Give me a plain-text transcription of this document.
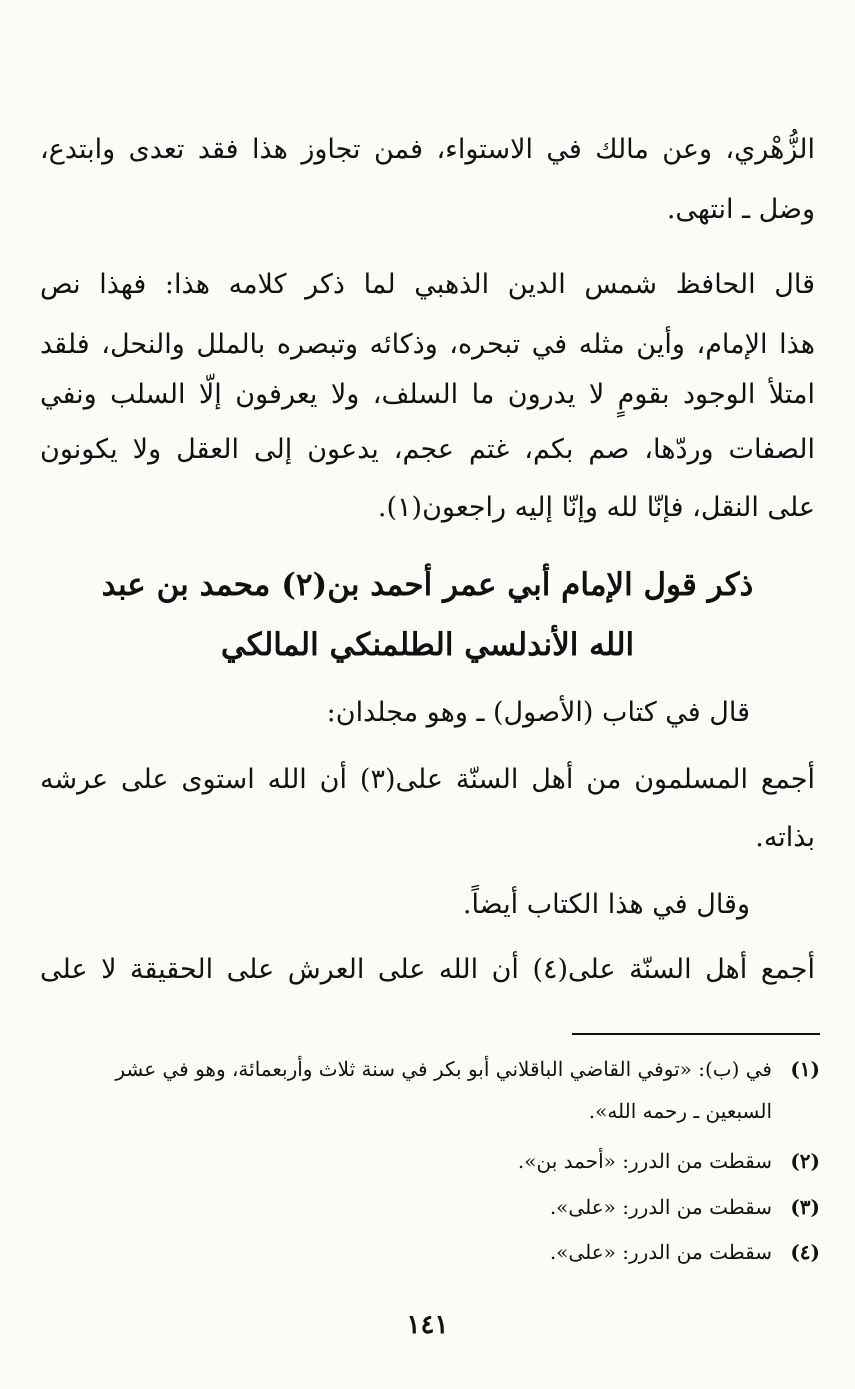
الزُّهْري، وعن مالك في الاستواء، فمن تجاوز هذا فقد تعدى وابتدع،
وضل ـ انتهى.
قال الحافظ شمس الدين الذهبي لما ذكر كلامه هذا: فهذا نص
هذا الإمام، وأين مثله في تبحره، وذكائه وتبصره بالملل والنحل، فلقد
امتلأ الوجود بقومٍ لا يدرون ما السلف، ولا يعرفون إلّا السلب ونفي
الصفات وردّها، صم بكم، غتم عجم، يدعون إلى العقل ولا يكونون
على النقل، فإنّا لله وإنّا إليه راجعون(١).
ذكر قول الإمام أبي عمر أحمد بن(٢) محمد بن عبد
الله الأندلسي الطلمنكي المالكي
قال في كتاب (الأصول) ـ وهو مجلدان:
أجمع المسلمون من أهل السنّة على(٣) أن الله استوى على عرشه
بذاته.
وقال في هذا الكتاب أيضاً.
أجمع أهل السنّة على(٤) أن الله على العرش على الحقيقة لا على
(١)في (ب): «توفي القاضي الباقلاني أبو بكر في سنة ثلاث وأربعمائة، وهو في عشر
السبعين ـ رحمه الله».
(٢)سقطت من الدرر: «أحمد بن».
(٣)سقطت من الدرر: «على».
(٤)سقطت من الدرر: «على».
١٤١
